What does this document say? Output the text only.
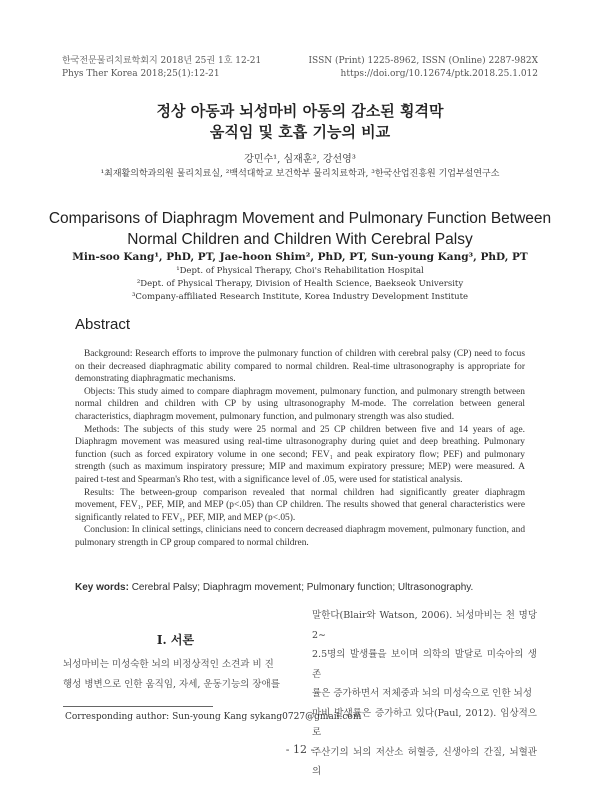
한국전문물리치료학회지 2018년 25권 1호 12-21
Phys Ther Korea 2018;25(1):12-21
ISSN (Print) 1225-8962, ISSN (Online) 2287-982X
https://doi.org/10.12674/ptk.2018.25.1.012
정상 아동과 뇌성마비 아동의 감소된 횡격막
움직임 및 호흡 기능의 비교
강민수¹, 심재훈², 강선영³
¹최재활의학과의원 물리치료실, ²백석대학교 보건학부 물리치료학과, ³한국산업진흥원 기업부설연구소
Comparisons of Diaphragm Movement and Pulmonary Function Between
Normal Children and Children With Cerebral Palsy
Min-soo Kang¹, PhD, PT, Jae-hoon Shim², PhD, PT, Sun-young Kang³, PhD, PT
¹Dept. of Physical Therapy, Choi's Rehabilitation Hospital
²Dept. of Physical Therapy, Division of Health Science, Baekseok University
³Company-affiliated Research Institute, Korea Industry Development Institute
Abstract

Background: Research efforts to improve the pulmonary function of children with cerebral palsy (CP) need to focus on their decreased diaphragmatic ability compared to normal children. Real-time ultrasonography is appropriate for demonstrating diaphragmatic mechanisms.

Objects: This study aimed to compare diaphragm movement, pulmonary function, and pulmonary strength between normal children and children with CP by using ultrasonography M-mode. The correlation between general characteristics, diaphragm movement, pulmonary function, and pulmonary strength was also studied.

Methods: The subjects of this study were 25 normal and 25 CP children between five and 14 years of age. Diaphragm movement was measured using real-time ultrasonography during quiet and deep breathing. Pulmonary function (such as forced expiratory volume in one second; FEV₁ and peak expiratory flow; PEF) and pulmonary strength (such as maximum inspiratory pressure; MIP and maximum expiratory pressure; MEP) were measured. A paired t-test and Spearman's Rho test, with a significance level of .05, were used for statistical analysis.

Results: The between-group comparison revealed that normal children had significantly greater diaphragm movement, FEV₁, PEF, MIP, and MEP (p<.05) than CP children. The results showed that general characteristics were significantly related to FEV₁, PEF, MIP, and MEP (p<.05).

Conclusion: In clinical settings, clinicians need to concern decreased diaphragm movement, pulmonary function, and pulmonary strength in CP group compared to normal children.

Key words: Cerebral Palsy; Diaphragm movement; Pulmonary function; Ultrasonography.
I. 서론

뇌성마비는 미성숙한 뇌의 비정상적인 소견과 비 진

행성 병변으로 인한 움직임, 자세, 운동기능의 장애를

말한다(Blair와 Watson, 2006). 뇌성마비는 천 명당 2∼

2.5명의 발생률을 보이며 의학의 발달로 미숙아의 생존

률은 증가하면서 저체중과 뇌의 미성숙으로 인한 뇌성

마비 발생률은 증가하고 있다(Paul, 2012). 임상적으로

주산기의 뇌의 저산소 허혈증, 신생아의 간질, 뇌혈관의

Corresponding author: Sun-young Kang sykang0727@gmail.com
- 12 -
